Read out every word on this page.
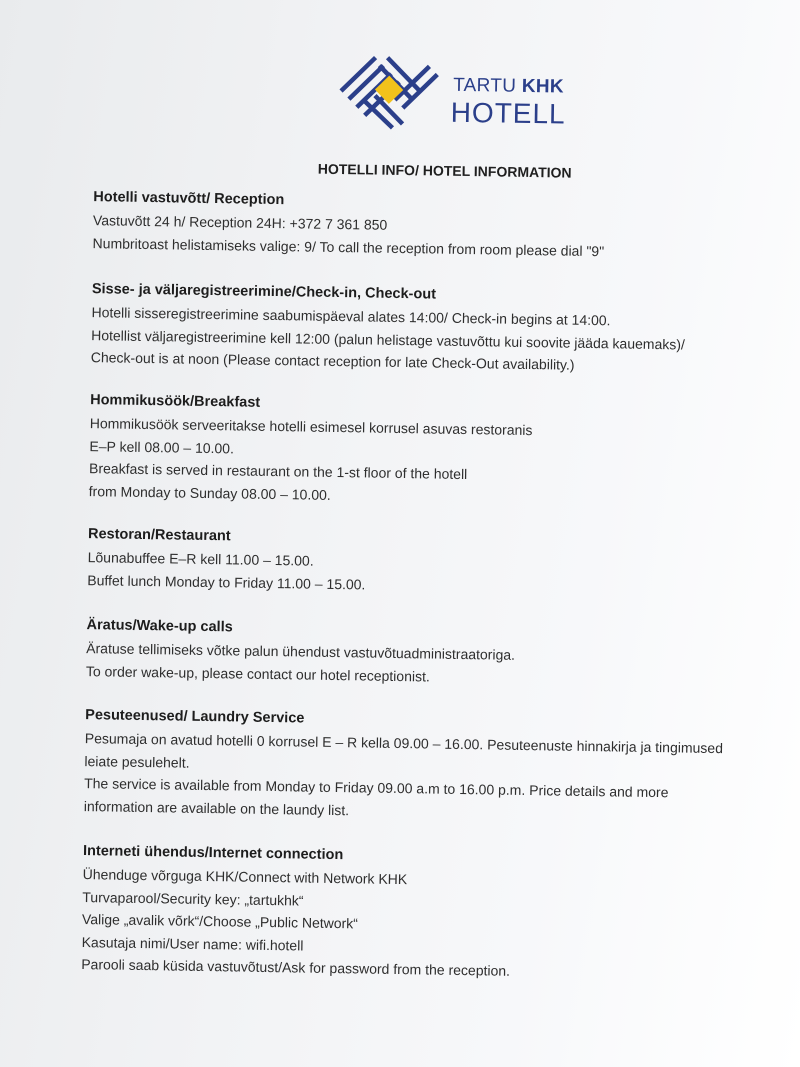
TARTU KHK
HOTELL
HOTELLI INFO/ HOTEL INFORMATION
Hotelli vastuvõtt/ Reception
Vastuvõtt 24 h/ Reception 24H: +372 7 361 850
Numbritoast helistamiseks valige: 9/ To call the reception from room please dial "9"
Sisse- ja väljaregistreerimine/Check-in, Check-out
Hotelli sisseregistreerimine saabumispäeval alates 14:00/ Check-in begins at 14:00.
Hotellist väljaregistreerimine kell 12:00 (palun helistage vastuvõttu kui soovite jääda kauemaks)/
Check-out is at noon (Please contact reception for late Check-Out availability.)
Hommikusöök/Breakfast
Hommikusöök serveeritakse hotelli esimesel korrusel asuvas restoranis
E–P kell 08.00 – 10.00.
Breakfast is served in restaurant on the 1-st floor of the hotell
from Monday to Sunday 08.00 – 10.00.
Restoran/Restaurant
Lõunabuffee E–R kell 11.00 – 15.00.
Buffet lunch Monday to Friday 11.00 – 15.00.
Äratus/Wake-up calls
Äratuse tellimiseks võtke palun ühendust vastuvõtuadministraatoriga.
To order wake-up, please contact our hotel receptionist.
Pesuteenused/ Laundry Service
Pesumaja on avatud hotelli 0 korrusel E – R kella 09.00 – 16.00. Pesuteenuste hinnakirja ja tingimused
leiate pesulehelt.
The service is available from Monday to Friday 09.00 a.m to 16.00 p.m. Price details and more
information are available on the laundy list.
Interneti ühendus/Internet connection
Ühenduge võrguga KHK/Connect with Network KHK
Turvaparool/Security key: „tartukhk“
Valige „avalik võrk“/Choose „Public Network“
Kasutaja nimi/User name: wifi.hotell
Parooli saab küsida vastuvõtust/Ask for password from the reception.
